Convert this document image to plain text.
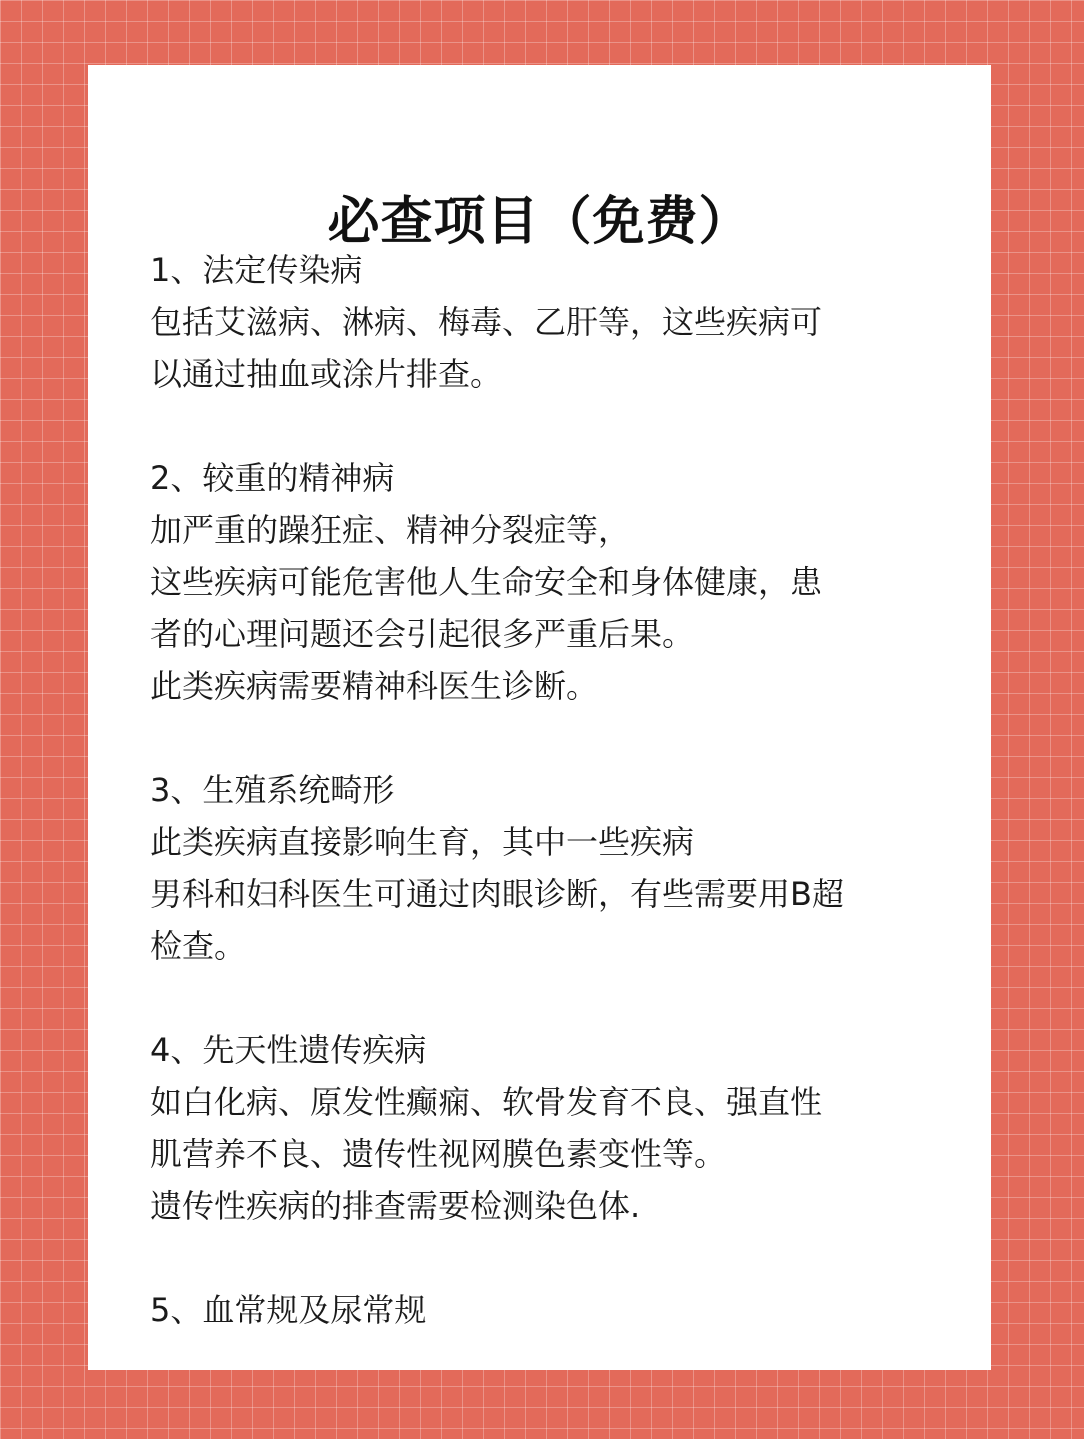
必查项目（免费）
1、法定传染病
包括艾滋病、淋病、梅毒、乙肝等，这些疾病可
以通过抽血或涂片排查。
2、较重的精神病
加严重的躁狂症、精神分裂症等，
这些疾病可能危害他人生命安全和身体健康，患
者的心理问题还会引起很多严重后果。
此类疾病需要精神科医生诊断。
3、生殖系统畸形
此类疾病直接影响生育，其中一些疾病
男科和妇科医生可通过肉眼诊断，有些需要用B超
检查。
4、先天性遗传疾病
如白化病、原发性癫痫、软骨发育不良、强直性
肌营养不良、遗传性视网膜色素变性等。
遗传性疾病的排查需要检测染色体.
5、血常规及尿常规
